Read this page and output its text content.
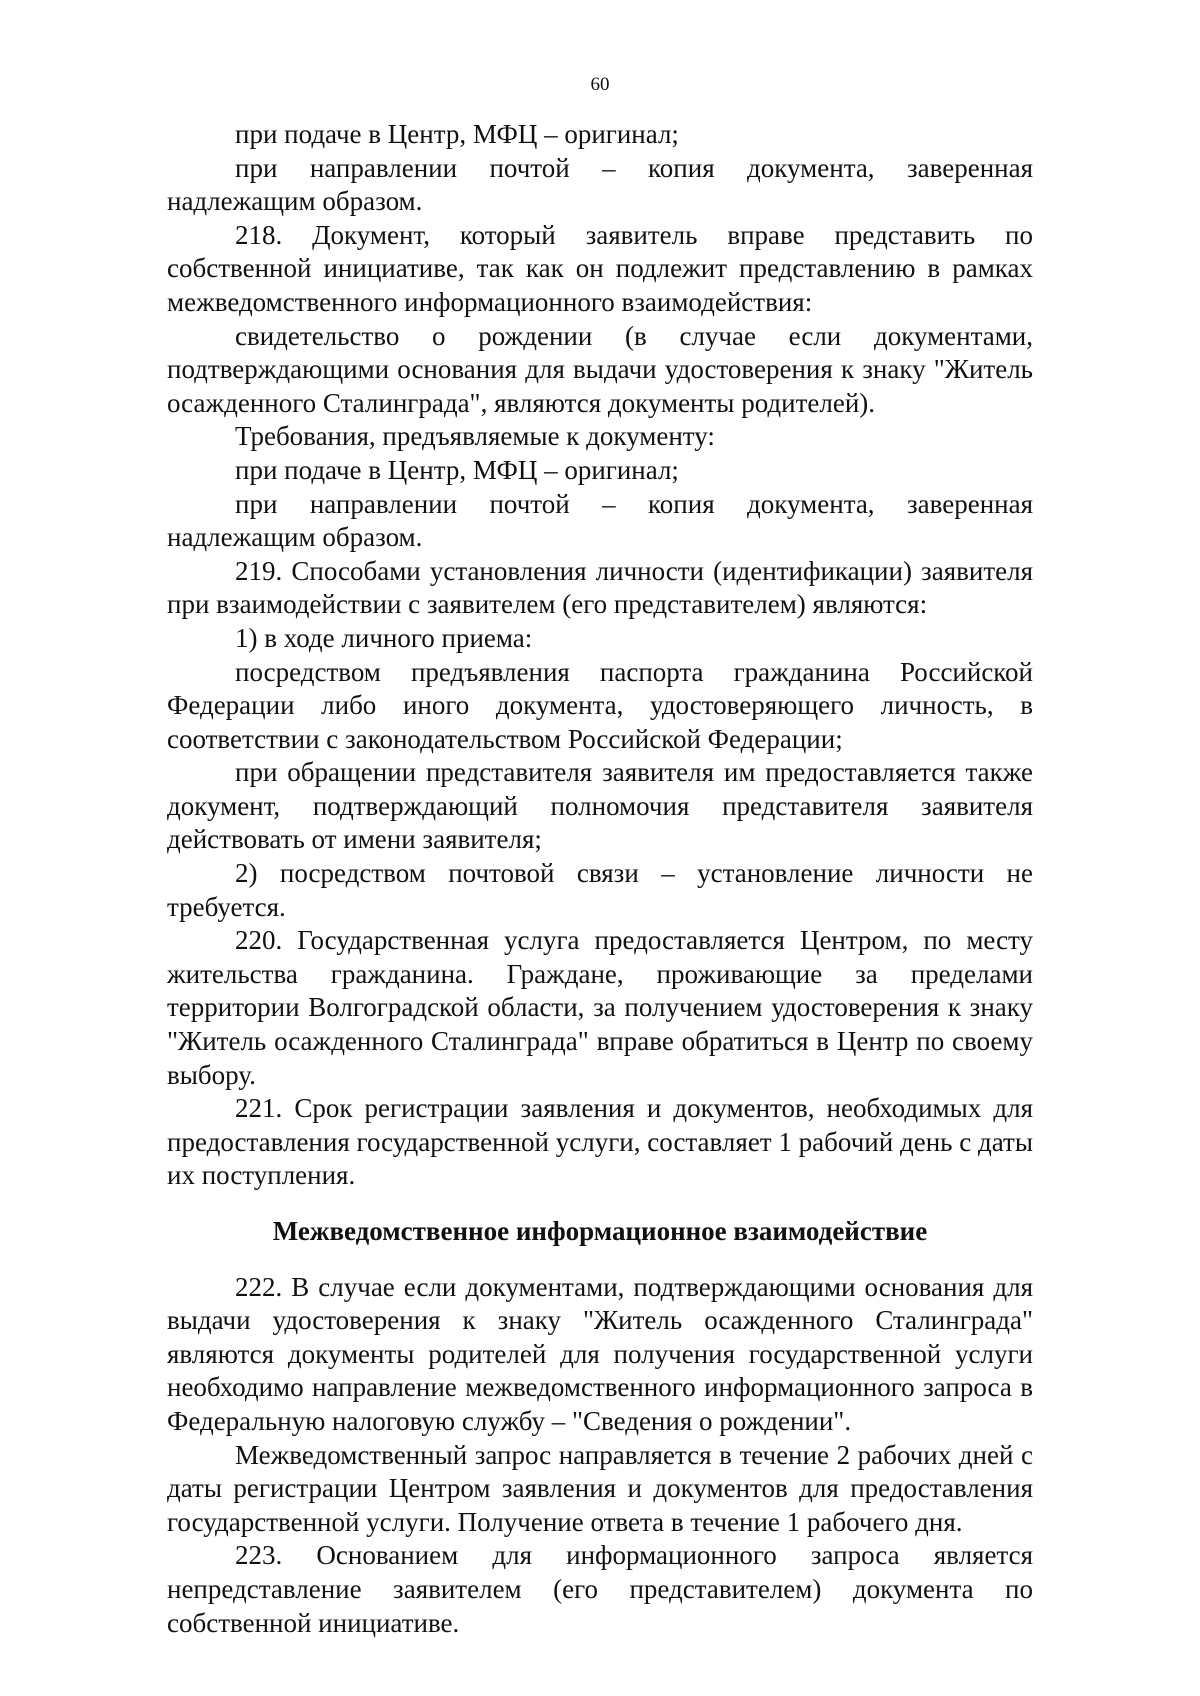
60

при подаче в Центр, МФЦ – оригинал;

при направлении почтой – копия документа, заверенная надлежащим образом.

218. Документ, который заявитель вправе представить по собственной инициативе, так как он подлежит представлению в рамках межведомственного информационного взаимодействия:

свидетельство о рождении (в случае если документами, подтверждающими основания для выдачи удостоверения к знаку "Житель осажденного Сталинграда", являются документы родителей).

Требования, предъявляемые к документу:

при подаче в Центр, МФЦ – оригинал;

при направлении почтой – копия документа, заверенная надлежащим образом.

219. Способами установления личности (идентификации) заявителя при взаимодействии с заявителем (его представителем) являются:

1) в ходе личного приема:

посредством предъявления паспорта гражданина Российской Федерации либо иного документа, удостоверяющего личность, в соответствии с законодательством Российской Федерации;

при обращении представителя заявителя им предоставляется также документ, подтверждающий полномочия представителя заявителя действовать от имени заявителя;

2) посредством почтовой связи – установление личности не требуется.

220. Государственная услуга предоставляется Центром, по месту жительства гражданина. Граждане, проживающие за пределами территории Волгоградской области, за получением удостоверения к знаку "Житель осажденного Сталинграда" вправе обратиться в Центр по своему выбору.

221. Срок регистрации заявления и документов, необходимых для предоставления государственной услуги, составляет 1 рабочий день с даты их поступления.

Межведомственное информационное взаимодействие

222. В случае если документами, подтверждающими основания для выдачи удостоверения к знаку "Житель осажденного Сталинграда" являются документы родителей для получения государственной услуги необходимо направление межведомственного информационного запроса в Федеральную налоговую службу – "Сведения о рождении".

Межведомственный запрос направляется в течение 2 рабочих дней с даты регистрации Центром заявления и документов для предоставления государственной услуги. Получение ответа в течение 1 рабочего дня.

223. Основанием для информационного запроса является непредставление заявителем (его представителем) документа по собственной инициативе.
